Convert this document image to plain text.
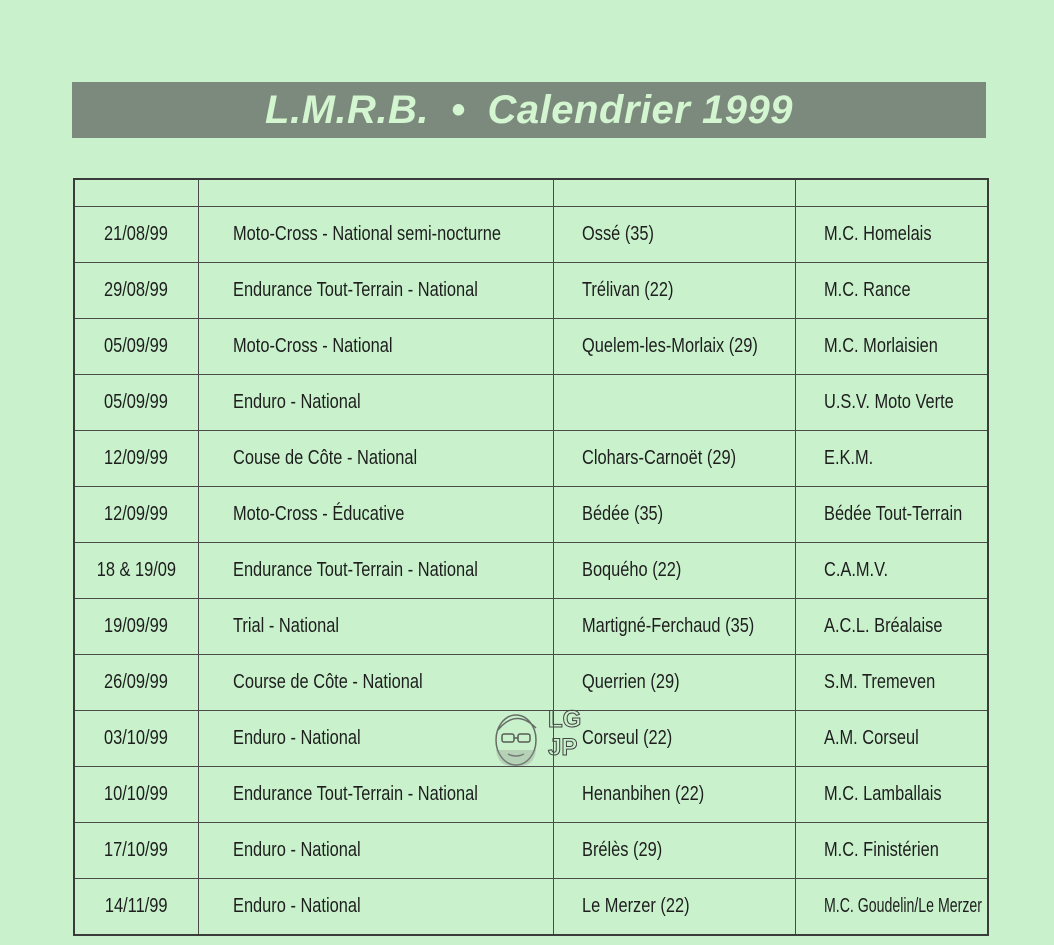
L.M.R.B. • Calendrier 1999

21/08/99	Moto-Cross - National semi-nocturne	Ossé (35)	M.C. Homelais
29/08/99	Endurance Tout-Terrain - National	Trélivan (22)	M.C. Rance
05/09/99	Moto-Cross - National	Quelem-les-Morlaix (29)	M.C. Morlaisien
05/09/99	Enduro - National		U.S.V. Moto Verte
12/09/99	Couse de Côte - National	Clohars-Carnoët (29)	E.K.M.
12/09/99	Moto-Cross - Éducative	Bédée (35)	Bédée Tout-Terrain
18 & 19/09	Endurance Tout-Terrain - National	Boquého (22)	C.A.M.V.
19/09/99	Trial - National	Martigné-Ferchaud (35)	A.C.L. Bréalaise
26/09/99	Course de Côte - National	Querrien (29)	S.M. Tremeven
03/10/99	Enduro - National	Corseul (22)	A.M. Corseul
10/10/99	Endurance Tout-Terrain - National	Henanbihen (22)	M.C. Lamballais
17/10/99	Enduro - National	Brélès (29)	M.C. Finistérien
14/11/99	Enduro - National	Le Merzer (22)	M.C. Goudelin/Le Merzer
LG
JP
